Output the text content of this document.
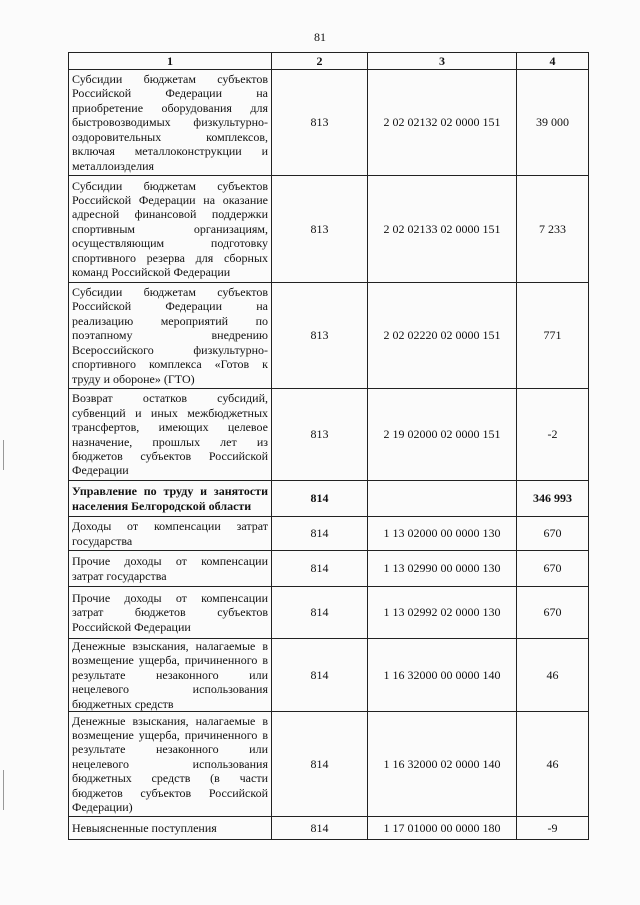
81
1	2	3	4
Субсидии бюджетам субъектов Российской Федерации на приобретение оборудования для быстровозводимых физкультурно-оздоровительных комплексов, включая металлоконструкции и металлоизделия	813	2 02 02132 02 0000 151	39 000
Субсидии бюджетам субъектов Российской Федерации на оказание адресной финансовой поддержки спортивным организациям, осуществляющим подготовку спортивного резерва для сборных команд Российской Федерации	813	2 02 02133 02 0000 151	7 233
Субсидии бюджетам субъектов Российской Федерации на реализацию мероприятий по поэтапному внедрению Всероссийского физкультурно-спортивного комплекса «Готов к труду и обороне» (ГТО)	813	2 02 02220 02 0000 151	771
Возврат остатков субсидий, субвенций и иных межбюджетных трансфертов, имеющих целевое назначение, прошлых лет из бюджетов субъектов Российской Федерации	813	2 19 02000 02 0000 151	-2
Управление по труду и занятости населения Белгородской области	814		346 993
Доходы от компенсации затрат государства	814	1 13 02000 00 0000 130	670
Прочие доходы от компенсации затрат государства	814	1 13 02990 00 0000 130	670
Прочие доходы от компенсации затрат бюджетов субъектов Российской Федерации	814	1 13 02992 02 0000 130	670
Денежные взыскания, налагаемые в возмещение ущерба, причиненного в результате незаконного или нецелевого использования бюджетных средств	814	1 16 32000 00 0000 140	46
Денежные взыскания, налагаемые в возмещение ущерба, причиненного в результате незаконного или нецелевого использования бюджетных средств (в части бюджетов субъектов Российской Федерации)	814	1 16 32000 02 0000 140	46
Невыясненные поступления	814	1 17 01000 00 0000 180	-9
